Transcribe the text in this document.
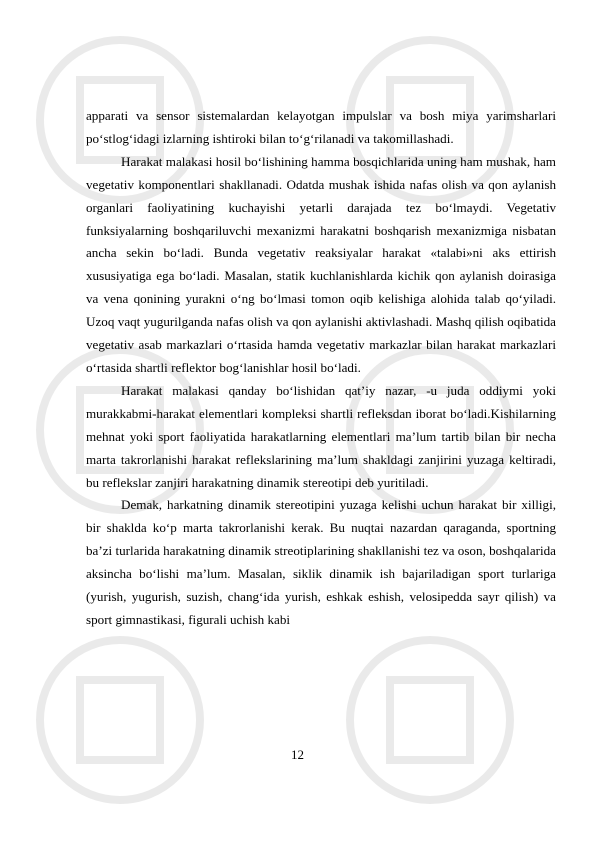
apparati va sensor sistemalardan kelayotgan impulslar va bosh miya yarimsharlari po‘stlog‘idagi izlarning ishtiroki bilan to‘g‘rilanadi va takomillashadi.

Harakat malakasi hosil bo‘lishining hamma bosqichlarida uning ham mushak, ham vegetativ komponentlari shakllanadi. Odatda mushak ishida nafas olish va qon aylanish organlari faoliyatining kuchayishi yetarli darajada tez bo‘lmaydi. Vegetativ funksiyalarning boshqariluvchi mexanizmi harakatni boshqarish mexanizmiga nisbatan ancha sekin bo‘ladi. Bunda vegetativ reaksiyalar harakat «talabi»ni aks ettirish xususiyatiga ega bo‘ladi. Masalan, statik kuchlanishlarda kichik qon aylanish doirasiga va vena qonining yurakni o‘ng bo‘lmasi tomon oqib kelishiga alohida talab qo‘yiladi. Uzoq vaqt yugurilganda nafas olish va qon aylanishi aktivlashadi. Mashq qilish oqibatida vegetativ asab markazlari o‘rtasida hamda vegetativ markazlar bilan harakat markazlari o‘rtasida shartli reflektor bog‘lanishlar hosil bo‘ladi.

Harakat malakasi qanday bo‘lishidan qat’iy nazar, -u juda oddiymi yoki murakkabmi-harakat elementlari kompleksi shartli refleksdan iborat bo‘ladi.Kishilarning mehnat yoki sport faoliyatida harakatlarning elementlari ma’lum tartib bilan bir necha marta takrorlanishi harakat reflekslarining ma’lum shakldagi zanjirini yuzaga keltiradi, bu reflekslar zanjiri harakatning dinamik stereotipi deb yuritiladi.

Demak, harkatning dinamik stereotipini yuzaga kelishi uchun harakat bir xilligi, bir shaklda ko‘p marta takrorlanishi kerak. Bu nuqtai nazardan qaraganda, sportning ba’zi turlarida harakatning dinamik streotiplarining shakllanishi tez va oson, boshqalarida aksincha bo‘lishi ma’lum. Masalan, siklik dinamik ish bajariladigan sport turlariga (yurish, yugurish, suzish, chang‘ida yurish, eshkak eshish, velosipedda sayr qilish) va sport gimnastikasi, figurali uchish kabi

12
